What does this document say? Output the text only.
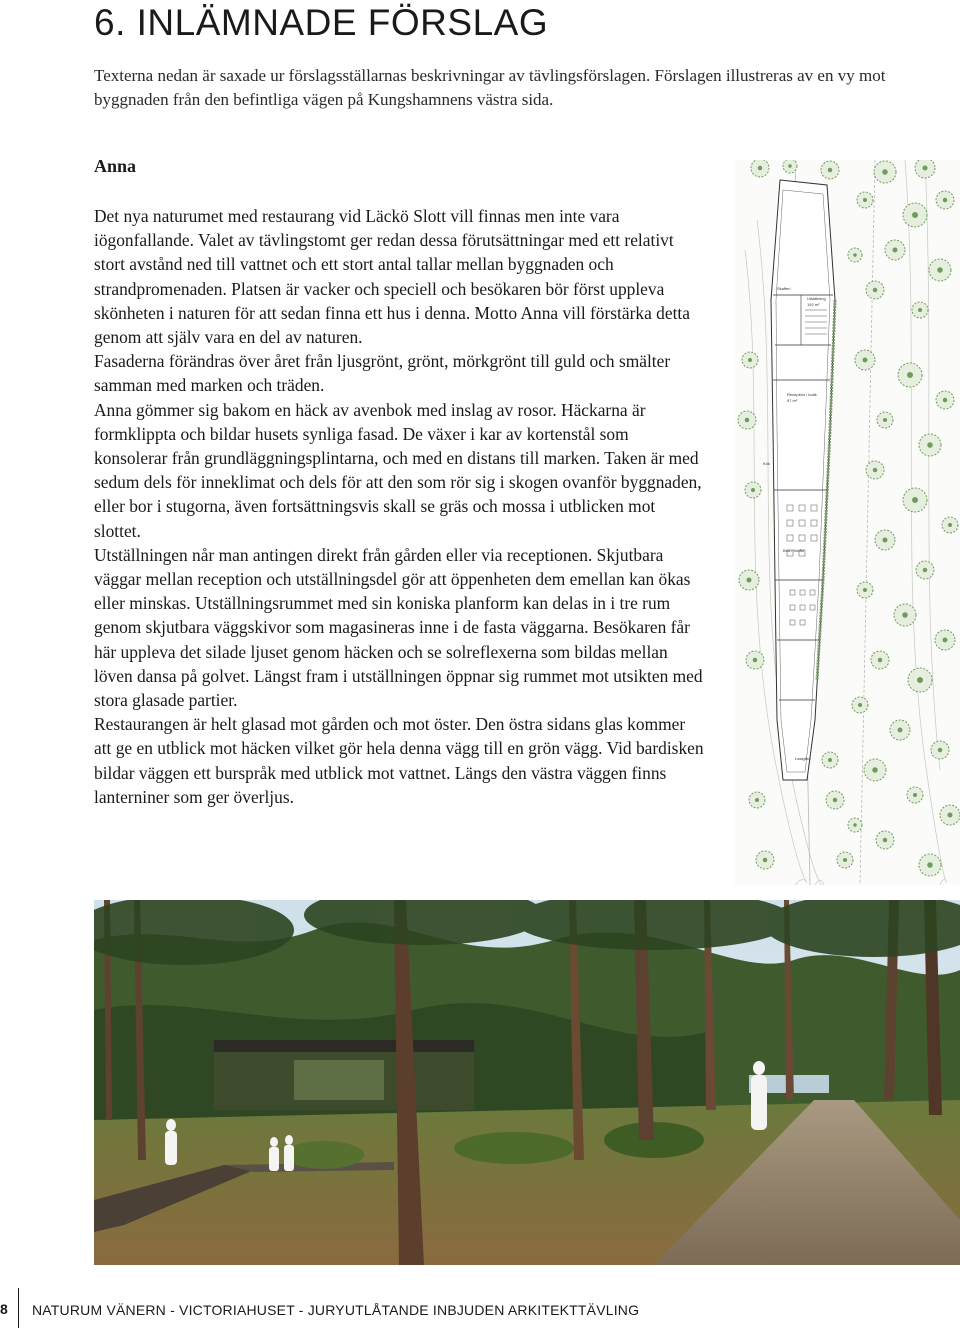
6. INLÄMNADE FÖRSLAG

Texterna nedan är saxade ur förslagsställarnas beskrivningar av tävlingsförslagen. Förslagen illustreras av en vy mot byggnaden från den befintliga vägen på Kungshamnens västra sida.

Anna

Det nya naturumet med restaurang vid Läckö Slott vill finnas men inte vara iögonfallande. Valet av tävlingstomt ger redan dessa förutsättningar med ett relativt stort avstånd ned till vattnet och ett stort antal tallar mellan byggnaden och strandpromenaden. Platsen är vacker och speciell och besökaren bör först uppleva skönheten i naturen för att sedan finna ett hus i denna. Motto Anna vill förstärka detta genom att själv vara en del av naturen.

Fasaderna förändras över året från ljusgrönt, grönt, mörkgrönt till guld och smälter samman med marken och träden.

Anna gömmer sig bakom en häck av avenbok med inslag av rosor. Häckarna är formklippta och bildar husets synliga fasad. De växer i kar av kortenstål som konsolerar från grundläggningsplintarna, och med en distans till marken. Taken är med sedum dels för inneklimat och dels för att den som rör sig i skogen ovanför byggnaden, eller bor i stugorna, även fortsättningsvis skall se gräs och mossa i utblicken mot slottet.

Utställningen når man antingen direkt från gården eller via receptionen. Skjutbara väggar mellan reception och utställningsdel gör att öppenheten dem emellan kan ökas eller minskas. Utställningsrummet med sin koniska planform kan delas in i tre rum genom skjutbara väggskivor som magasineras inne i de fasta väggarna. Besökaren får här uppleva det silade ljuset genom häcken och se solreflexerna som bildas mellan löven dansa på golvet. Längst fram i utställningen öppnar sig rummet mot utsikten med stora glasade partier.

Restaurangen är helt glasad mot gården och mot öster. Den östra sidans glas kommer att ge en utblick mot häcken vilket gör hela denna vägg till en grön vägg. Vid bardisken bildar väggen ett burspråk med utblick mot vattnet. Längs den västra väggen finns lanterniner som ger överljus.

Skafferi
Utställning
192 m²
Reception / butik
97 m²
Kök
Bod / förråd
Lastgård
8 NATURUM VÄNERN - VICTORIAHUSET - JURYUTLÅTANDE INBJUDEN ARKITEKTTÄVLING
